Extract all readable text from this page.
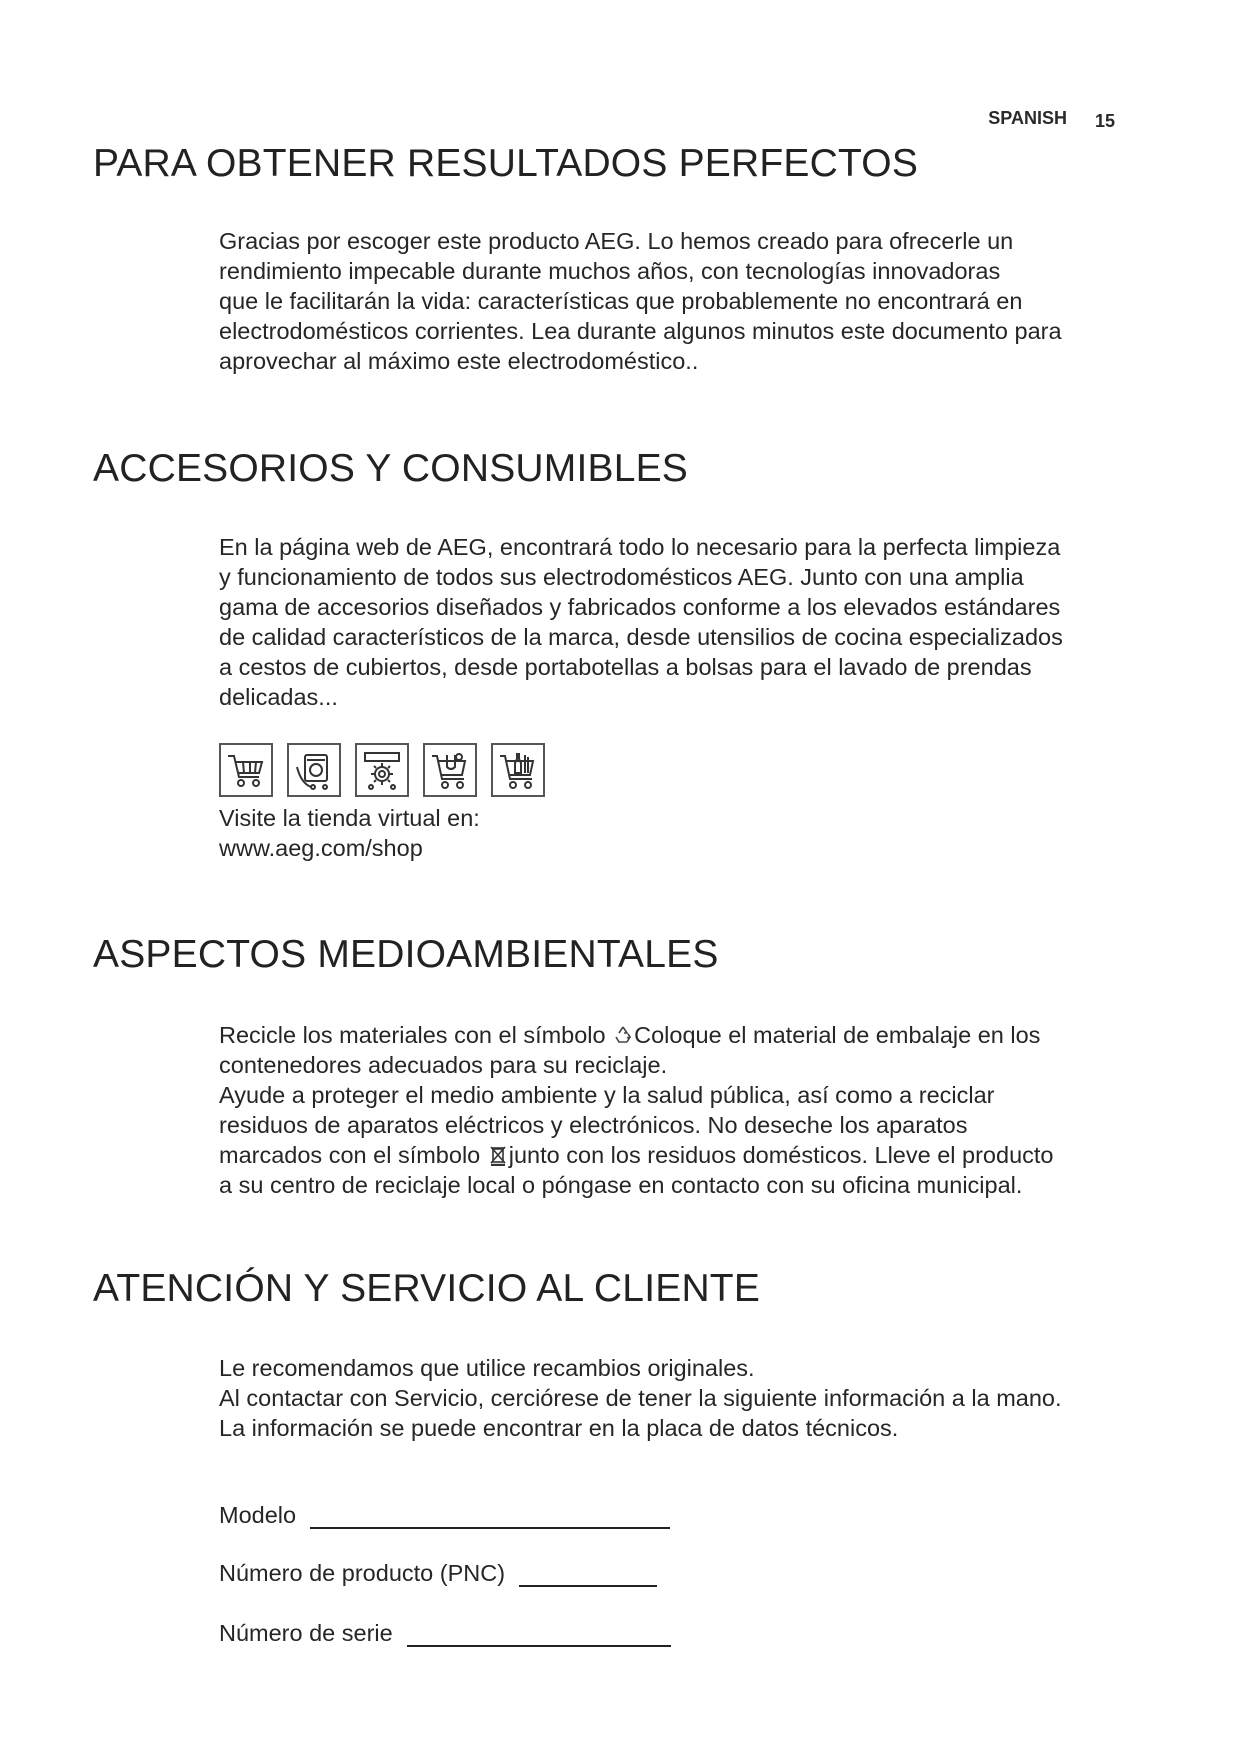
SPANISH 15
PARA OBTENER RESULTADOS PERFECTOS

Gracias por escoger este producto AEG. Lo hemos creado para ofrecerle un
rendimiento impecable durante muchos años, con tecnologías innovadoras
que le facilitarán la vida: características que probablemente no encontrará en
electrodomésticos corrientes. Lea durante algunos minutos este documento para
aprovechar al máximo este electrodoméstico..

ACCESORIOS Y CONSUMIBLES

En la página web de AEG, encontrará todo lo necesario para la perfecta limpieza
y funcionamiento de todos sus electrodomésticos AEG. Junto con una amplia
gama de accesorios diseñados y fabricados conforme a los elevados estándares
de calidad característicos de la marca, desde utensilios de cocina especializados
a cestos de cubiertos, desde portabotellas a bolsas para el lavado de prendas
delicadas...

Visite la tienda virtual en:
www.aeg.com/shop

ASPECTOS MEDIOAMBIENTALES

Recicle los materiales con el símbolo Coloque el material de embalaje en los
contenedores adecuados para su reciclaje.
Ayude a proteger el medio ambiente y la salud pública, así como a reciclar
residuos de aparatos eléctricos y electrónicos. No deseche los aparatos
marcados con el símbolo junto con los residuos domésticos. Lleve el producto
a su centro de reciclaje local o póngase en contacto con su oficina municipal.

ATENCIÓN Y SERVICIO AL CLIENTE

Le recomendamos que utilice recambios originales.
Al contactar con Servicio, cerciórese de tener la siguiente información a la mano.
La información se puede encontrar en la placa de datos técnicos.

Modelo
Número de producto (PNC)
Número de serie
